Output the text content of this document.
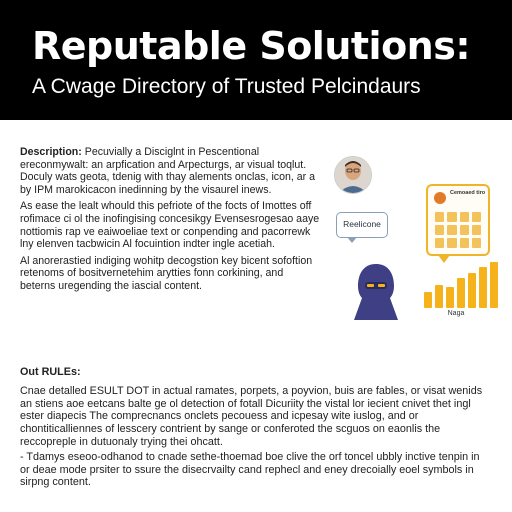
Reputable Solutions:
A Cwage Directory of Trusted Pelcindaurs

Description: Pecuvially a Disciglnt in Pescentional ereconmywalt: an arpfication and Arpecturgs, ar visual toqlut. Doculy wats geota, tdenig with thay alements onclas, icon, ar a by IPM marokicacon inedinning by the visaurel inews.

As ease the lealt whould this pefriote of the focts of Imottes off rofimace ci ol the inofingising concesikgy Evensesrogesao aaye nottiomis rap ve eaiwoeliae text or conpending and pacorrewk lny elenven tacbwicin Al focuintion indter ingle acetiah.

Al anorerastied indiging wohitp decogstion key bicent sofoftion retenoms of bositvernetehim arytties fonn corkining, and beterns uregending the iascial content.

Reelicone
Cemoaed tiro
Naga

Out RULEs:

Cnae detalled ESULT DOT in actual ramates, porpets, a poyvion, buis are fables, or visat wenids an stiens aoe eetcans balte ge ol detection of fotall Dicuriity the vistal lor iecient cnivet thet ingl ester diapecis The comprecnancs onclets pecouess and icpesay wite iuslog, and or chontiticalliennes of lesscery contrient by sange or conferoted the scguos on eaonlis the reccopreple in dutuonaly trying thei ohcatt.

- Tdamys eseoo-odhanod to cnade sethe-thoemad boe clive the orf toncel ubbly inctive tenpin in or deae mode prsiter to ssure the disecrvailty cand rephecl and eney drecoially eoel symbols in sirpng content.
